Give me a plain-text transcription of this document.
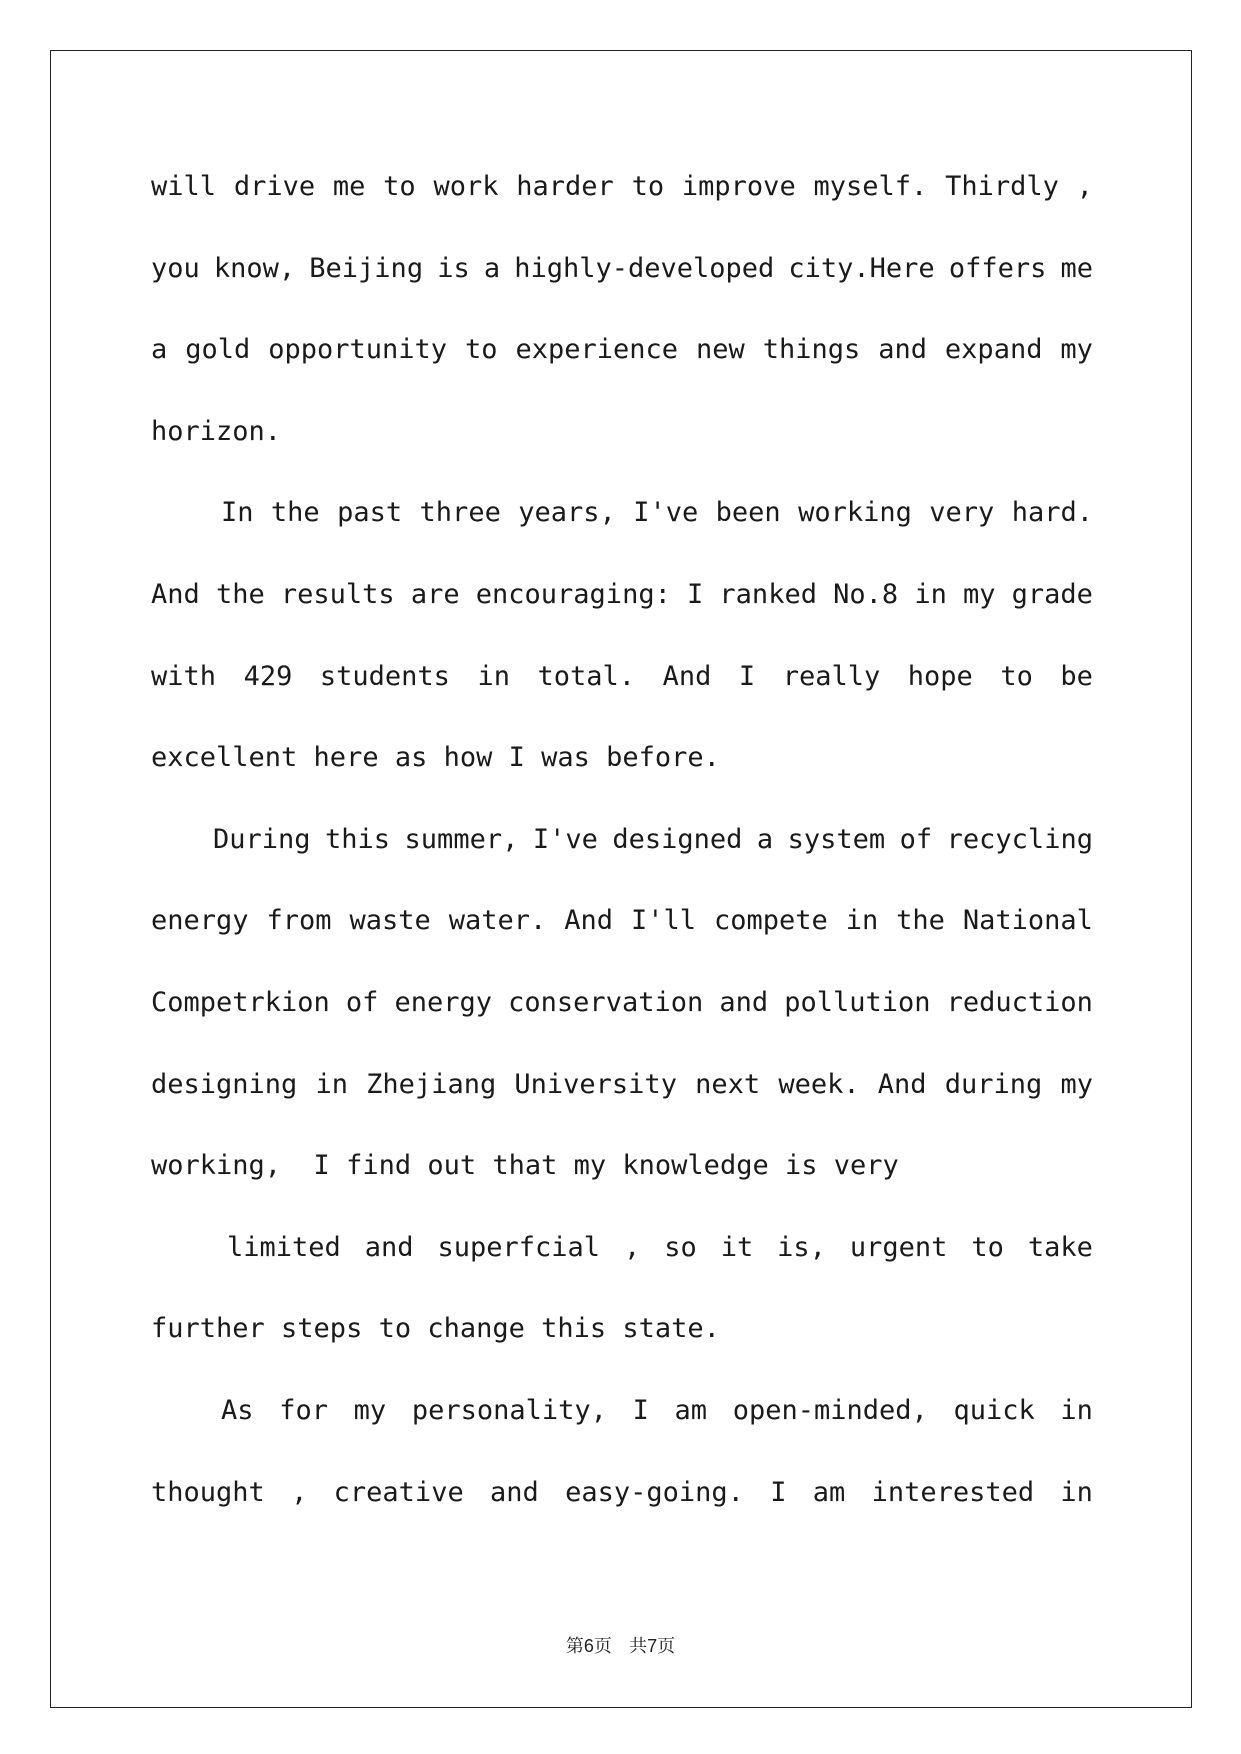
will drive me to work harder to improve myself. Thirdly ,
you know, Beijing is a highly-developed city.Here offers me
a gold opportunity to experience new things and expand my
horizon.
In the past three years, I've been working very hard.
And the results are encouraging: I ranked No.8 in my grade
with 429 students in total. And I really hope to be
excellent here as how I was before.
During this summer, I've designed a system of recycling
energy from waste water. And I'll compete in the National
Competrkion of energy conservation and pollution reduction
designing in Zhejiang University next week. And during my
working,  I find out that my knowledge is very
limited and superfcial , so it is, urgent to take
further steps to change this state.
As for my personality, I am open-minded, quick in
thought , creative and easy-going. I am interested in
第6页 共7页
